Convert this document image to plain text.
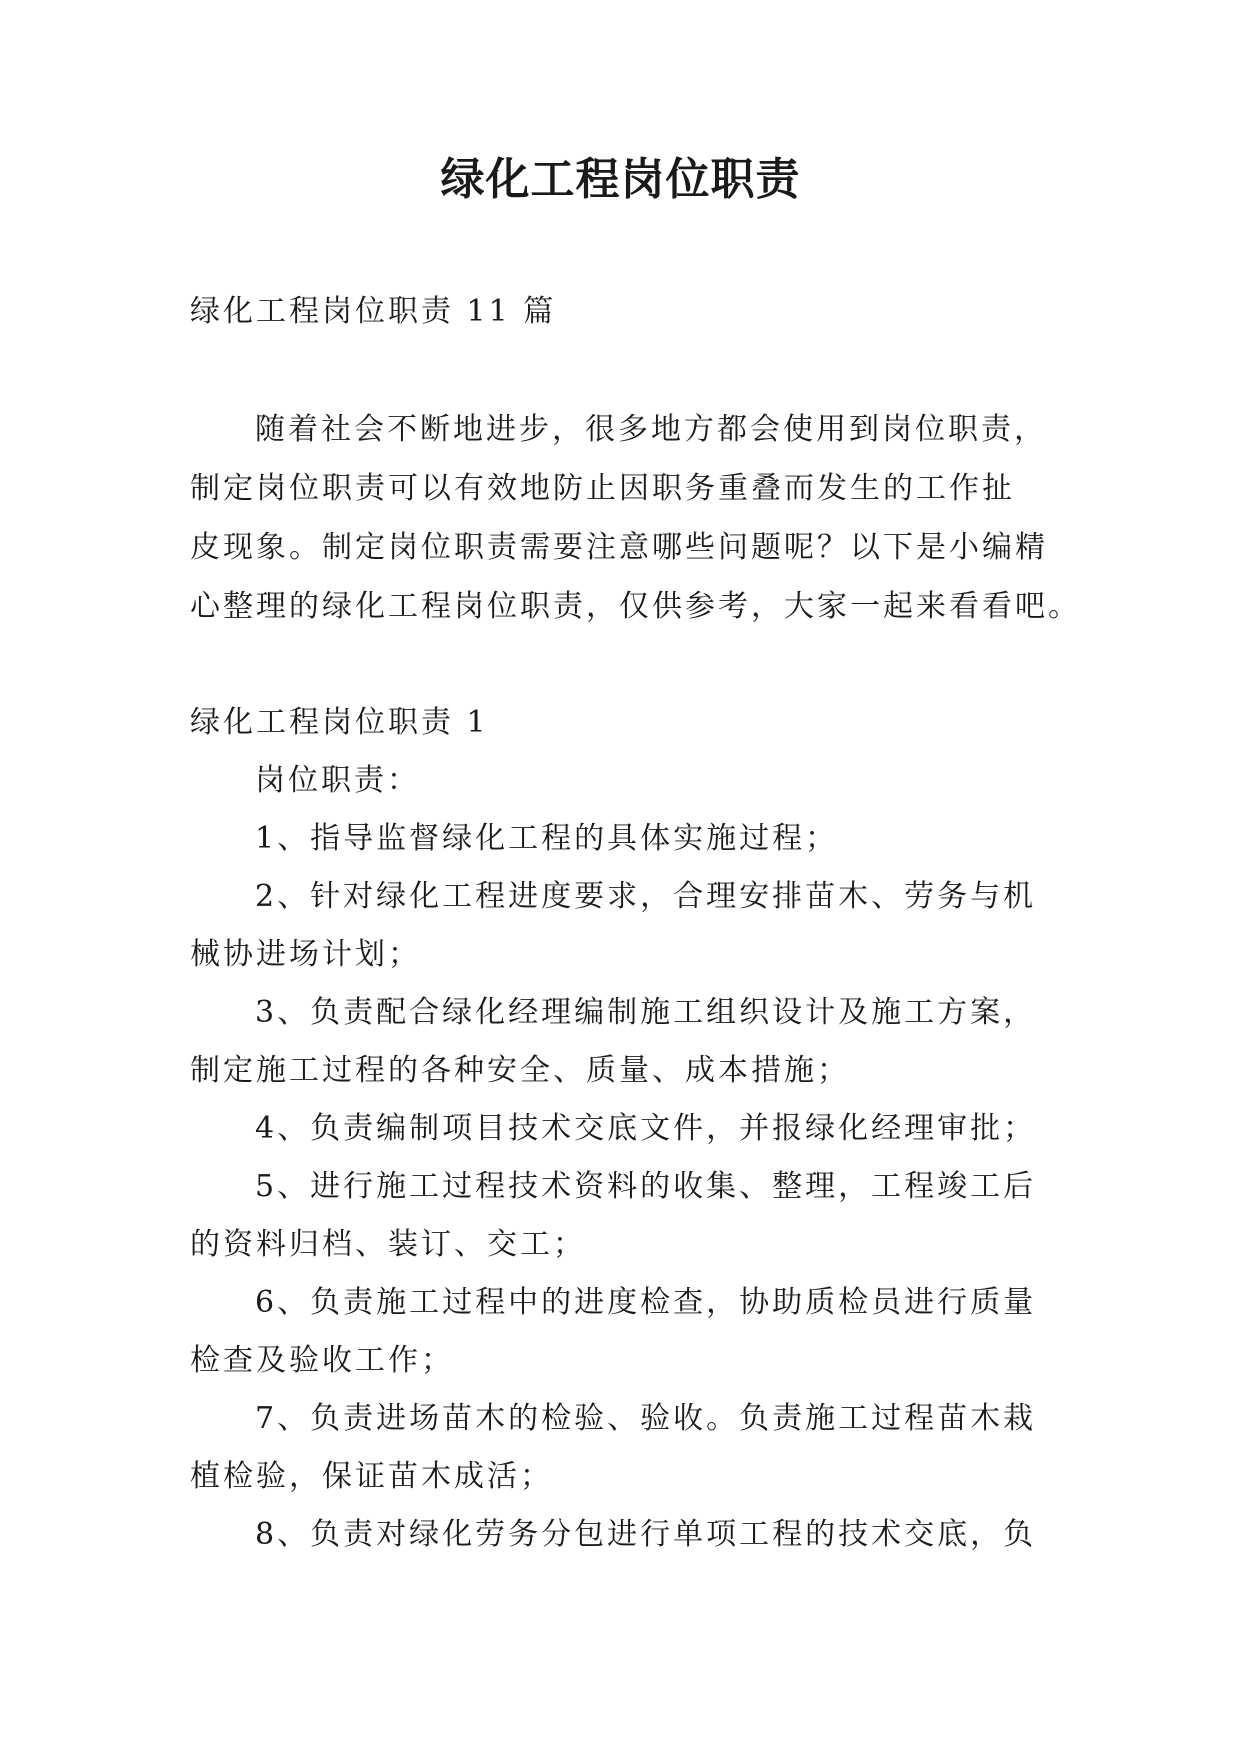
绿化工程岗位职责

绿化工程岗位职责 11 篇

随着社会不断地进步，很多地方都会使用到岗位职责，

制定岗位职责可以有效地防止因职务重叠而发生的工作扯

皮现象。制定岗位职责需要注意哪些问题呢？以下是小编精

心整理的绿化工程岗位职责，仅供参考，大家一起来看看吧。

绿化工程岗位职责 1

岗位职责：

1、指导监督绿化工程的具体实施过程；

2、针对绿化工程进度要求，合理安排苗木、劳务与机

械协进场计划；

3、负责配合绿化经理编制施工组织设计及施工方案，

制定施工过程的各种安全、质量、成本措施；

4、负责编制项目技术交底文件，并报绿化经理审批；

5、进行施工过程技术资料的收集、整理，工程竣工后

的资料归档、装订、交工；

6、负责施工过程中的进度检查，协助质检员进行质量

检查及验收工作；

7、负责进场苗木的检验、验收。负责施工过程苗木栽

植检验，保证苗木成活；

8、负责对绿化劳务分包进行单项工程的技术交底，负
